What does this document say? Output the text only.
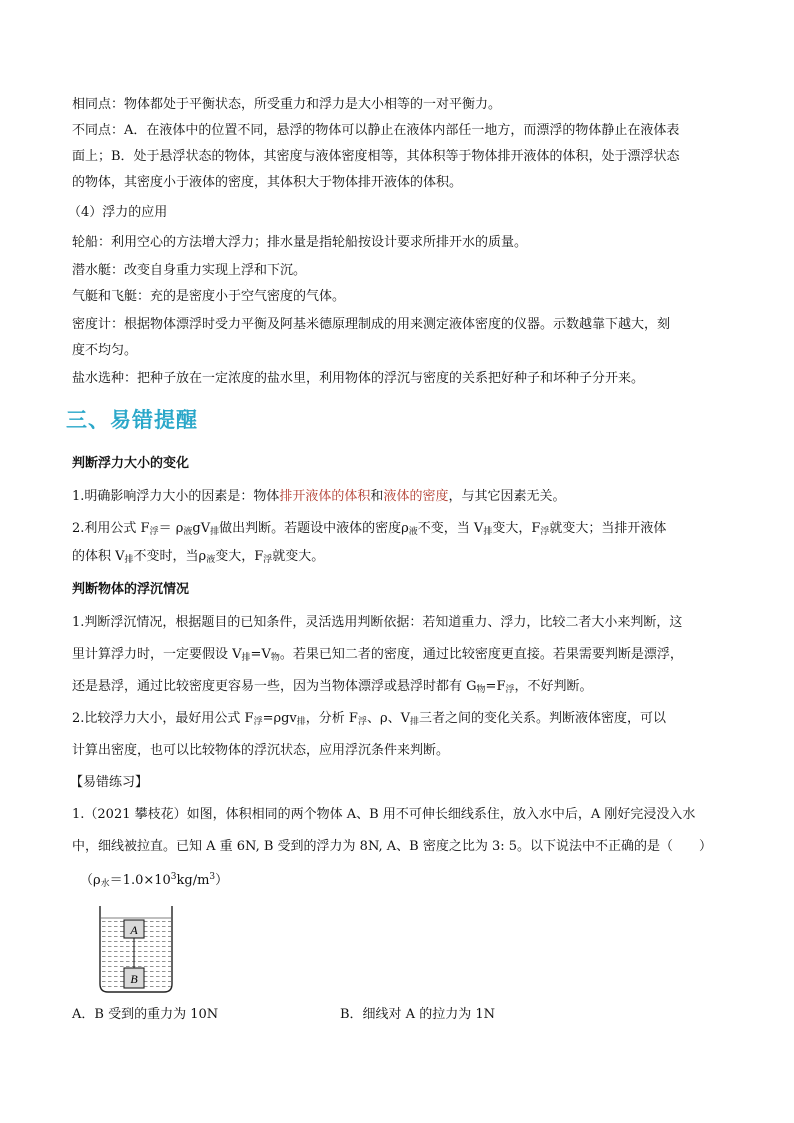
相同点：物体都处于平衡状态，所受重力和浮力是大小相等的一对平衡力。
不同点：A．在液体中的位置不同，悬浮的物体可以静止在液体内部任一地方，而漂浮的物体静止在液体表
面上；B．处于悬浮状态的物体，其密度与液体密度相等，其体积等于物体排开液体的体积，处于漂浮状态
的物体，其密度小于液体的密度，其体积大于物体排开液体的体积。
（4）浮力的应用
轮船：利用空心的方法增大浮力；排水量是指轮船按设计要求所排开水的质量。
潜水艇：改变自身重力实现上浮和下沉。
气艇和飞艇：充的是密度小于空气密度的气体。
密度计：根据物体漂浮时受力平衡及阿基米德原理制成的用来测定液体密度的仪器。示数越靠下越大，刻
度不均匀。
盐水选种：把种子放在一定浓度的盐水里，利用物体的浮沉与密度的关系把好种子和坏种子分开来。
三、易错提醒
判断浮力大小的变化
1.明确影响浮力大小的因素是：物体排开液体的体积和液体的密度，与其它因素无关。
2.利用公式 $F_浮= \rho_液gV_排$做出判断。若题设中液体的密度$\rho_液$不变，当 $V_排$变大，$F_浮$就变大；当排开液体
的体积 $V_排$不变时，当$\rho_液$变大，$F_浮$就变大。
判断物体的浮沉情况
1.判断浮沉情况，根据题目的已知条件，灵活选用判断依据：若知道重力、浮力，比较二者大小来判断，这
里计算浮力时，一定要假设 $V_排=V_物$。若果已知二者的密度，通过比较密度更直接。若果需要判断是漂浮，
还是悬浮，通过比较密度更容易一些，因为当物体漂浮或悬浮时都有 $G_物=F_浮$，不好判断。
2.比较浮力大小，最好用公式 $F_浮=\rho gv_排$，分析 $F_浮$、ρ、$V_排$三者之间的变化关系。判断液体密度，可以
计算出密度，也可以比较物体的浮沉状态，应用浮沉条件来判断。
【易错练习】
1.（2021 攀枝花）如图，体积相同的两个物体 A、B 用不可伸长细线系住，放入水中后，A 刚好完浸没入水
中，细线被拉直。已知 A 重 6N, B 受到的浮力为 8N, A、B 密度之比为 3: 5。以下说法中不正确的是（　　）
$(\rho_水=1.0\times 10^3kg/m^3)$
A
B
A．B 受到的重力为 10N	B．细线对 A 的拉力为 1N
